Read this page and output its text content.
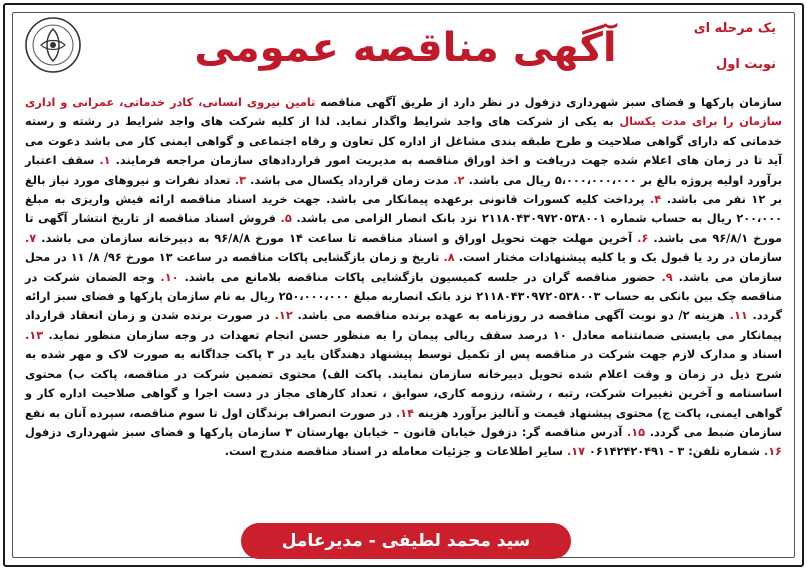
یک مرحله ای
آگهی مناقصه عمومی	نوبت اول
سازمان پارکها و فضای سبز شهرداری دزفول در نظر دارد از طریق آگهی مناقصه تامین نیروی انسانی، کادر خدماتی، عمرانی و اداری سازمان را برای مدت یکسال به یکی از شرکت های واجد شرایط واگذار نماید. لذا از کلیه شرکت های واجد شرایط در رشته و رسته خدماتی که دارای گواهی صلاحیت و طرح طبقه بندی مشاغل از اداره کل تعاون و رفاه اجتماعی و گواهی ایمنی کار می باشد دعوت می آید تا در زمان های اعلام شده جهت دریافت و اخذ اوراق مناقصه به مدیریت امور قراردادهای سازمان مراجعه فرمایند. ۱. سقف اعتبار برآورد اولیه پروژه بالغ بر ۵،۰۰۰،۰۰۰،۰۰۰ ریال می باشد. ۲. مدت زمان قرارداد یکسال می باشد. ۳. تعداد نفرات و نیروهای مورد نیاز بالغ بر ۱۲ نفر می باشد. ۴. پرداخت کلیه کسورات قانونی برعهده پیمانکار می باشد. جهت خرید اسناد مناقصه ارائه فیش واریزی به مبلغ ۲۰۰،۰۰۰ ریال به حساب شماره ۲۱۱۸۰۴۳۰۹۷۲۰۵۳۸۰۰۱ نزد بانک انصار الزامی می باشد. ۵. فروش اسناد مناقصه از تاریخ انتشار آگهی تا مورخ ۹۶/۸/۱ می باشد. ۶. آخرین مهلت جهت تحویل اوراق و اسناد مناقصه تا ساعت ۱۴ مورخ ۹۶/۸/۸ به دبیرخانه سازمان می باشد. ۷. سازمان در رد یا قبول یک و یا کلیه پیشنهادات مختار است. ۸. تاریخ و زمان بازگشایی پاکات مناقصه در ساعت ۱۳ مورخ ۹۶/ ۸/ ۱۱ در محل سازمان می باشد. ۹. حضور مناقصه گران در جلسه کمیسیون بازگشایی پاکات مناقصه بلامانع می باشد. ۱۰. وجه الضمان شرکت در مناقصه چک بین بانکی به حساب ۲۱۱۸۰۴۳۰۹۷۲۰۵۳۸۰۰۳ نزد بانک انصاربه مبلغ ۲۵۰،۰۰۰،۰۰۰ ریال به نام سازمان پارکها و فضای سبز ارائه گردد. ۱۱. هزینه ۲/ دو نوبت آگهی مناقصه در روزنامه به عهده برنده مناقصه می باشد. ۱۲. در صورت برنده شدن و زمان انعقاد قرارداد پیمانکار می بایستی ضمانتنامه معادل ۱۰ درصد سقف ریالی پیمان را به منظور حسن انجام تعهدات در وجه سازمان منظور نماید. ۱۳. اسناد و مدارک لازم جهت شرکت در مناقصه پس از تکمیل توسط پیشنهاد دهندگان باید در ۳ پاکت جداگانه به صورت لاک و مهر شده به شرح ذیل در زمان و وقت اعلام شده تحویل دبیرخانه سازمان نمایند. پاکت الف) محتوی تضمین شرکت در مناقصه، پاکت ب) محتوی اساسنامه و آخرین تغییرات شرکت، رتبه ، رشته، رزومه کاری، سوابق ، تعداد کارهای مجاز در دست اجرا و گواهی صلاحیت اداره کار و گواهی ایمنی، پاکت ج) محتوی پیشنهاد قیمت و آنالیز برآورد هزینه ۱۴. در صورت انصراف برندگان اول تا سوم مناقصه، سپرده آنان به نفع سازمان ضبط می گردد. ۱۵. آدرس مناقصه گر: دزفول خیابان قانون – خیابان بهارستان ۳ سازمان پارکها و فضای سبز شهرداری دزفول ۱۶. شماره تلفن: ۳ - ۰۶۱۴۲۴۲۰۴۹۱ ۱۷. سایر اطلاعات و جزئیات معامله در اسناد مناقصه مندرج است.
سید محمد لطیفی - مدیرعامل
